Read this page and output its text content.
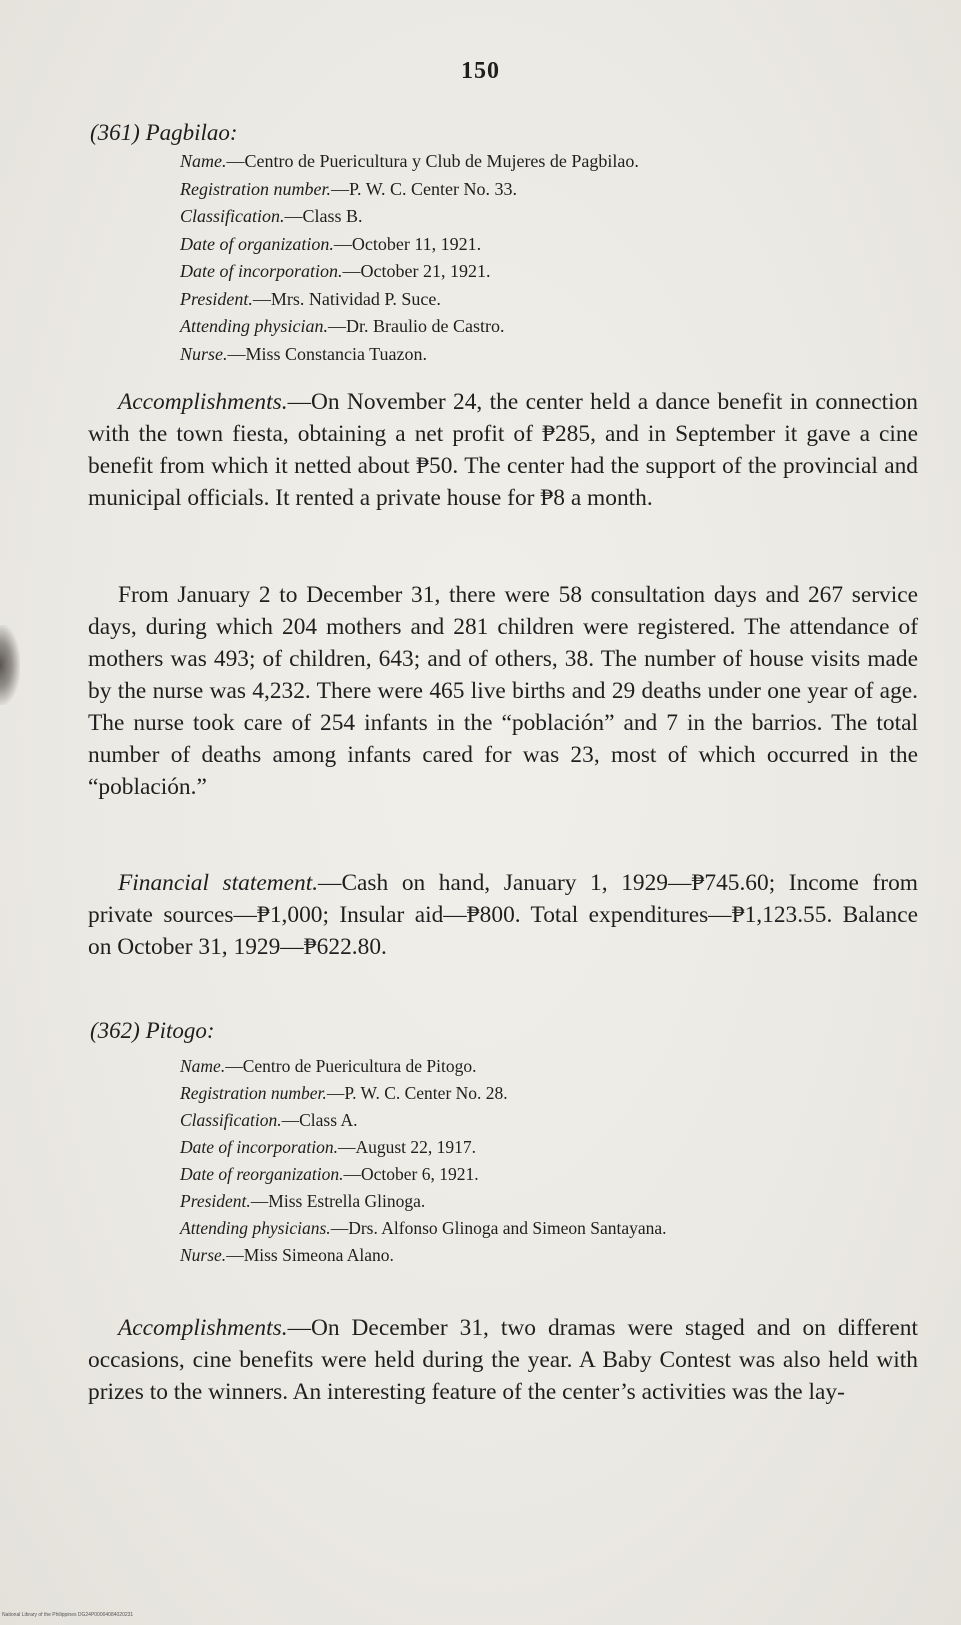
150
(361) Pagbilao:
Name.—Centro de Puericultura y Club de Mujeres de Pagbilao.
Registration number.—P. W. C. Center No. 33.
Classification.—Class B.
Date of organization.—October 11, 1921.
Date of incorporation.—October 21, 1921.
President.—Mrs. Natividad P. Suce.
Attending physician.—Dr. Braulio de Castro.
Nurse.—Miss Constancia Tuazon.

Accomplishments.—On November 24, the center held a dance benefit in connection with the town fiesta, obtaining a net profit of ₱285, and in September it gave a cine benefit from which it netted about ₱50. The center had the support of the provincial and municipal officials. It rented a private house for ₱8 a month.

From January 2 to December 31, there were 58 consultation days and 267 service days, during which 204 mothers and 281 children were registered. The attendance of mothers was 493; of children, 643; and of others, 38. The number of house visits made by the nurse was 4,232. There were 465 live births and 29 deaths under one year of age. The nurse took care of 254 infants in the “población” and 7 in the barrios. The total number of deaths among infants cared for was 23, most of which occurred in the “población.”

Financial statement.—Cash on hand, January 1, 1929—₱745.60; Income from private sources—₱1,000; Insular aid—₱800. Total expenditures—₱1,123.55. Balance on October 31, 1929—₱622.80.

(362) Pitogo:
Name.—Centro de Puericultura de Pitogo.
Registration number.—P. W. C. Center No. 28.
Classification.—Class A.
Date of incorporation.—August 22, 1917.
Date of reorganization.—October 6, 1921.
President.—Miss Estrella Glinoga.
Attending physicians.—Drs. Alfonso Glinoga and Simeon Santayana.
Nurse.—Miss Simeona Alano.

Accomplishments.—On December 31, two dramas were staged and on different occasions, cine benefits were held during the year. A Baby Contest was also held with prizes to the winners. An interesting feature of the center’s activities was the lay-

National Library of the Philippines DG24P00004084020231
